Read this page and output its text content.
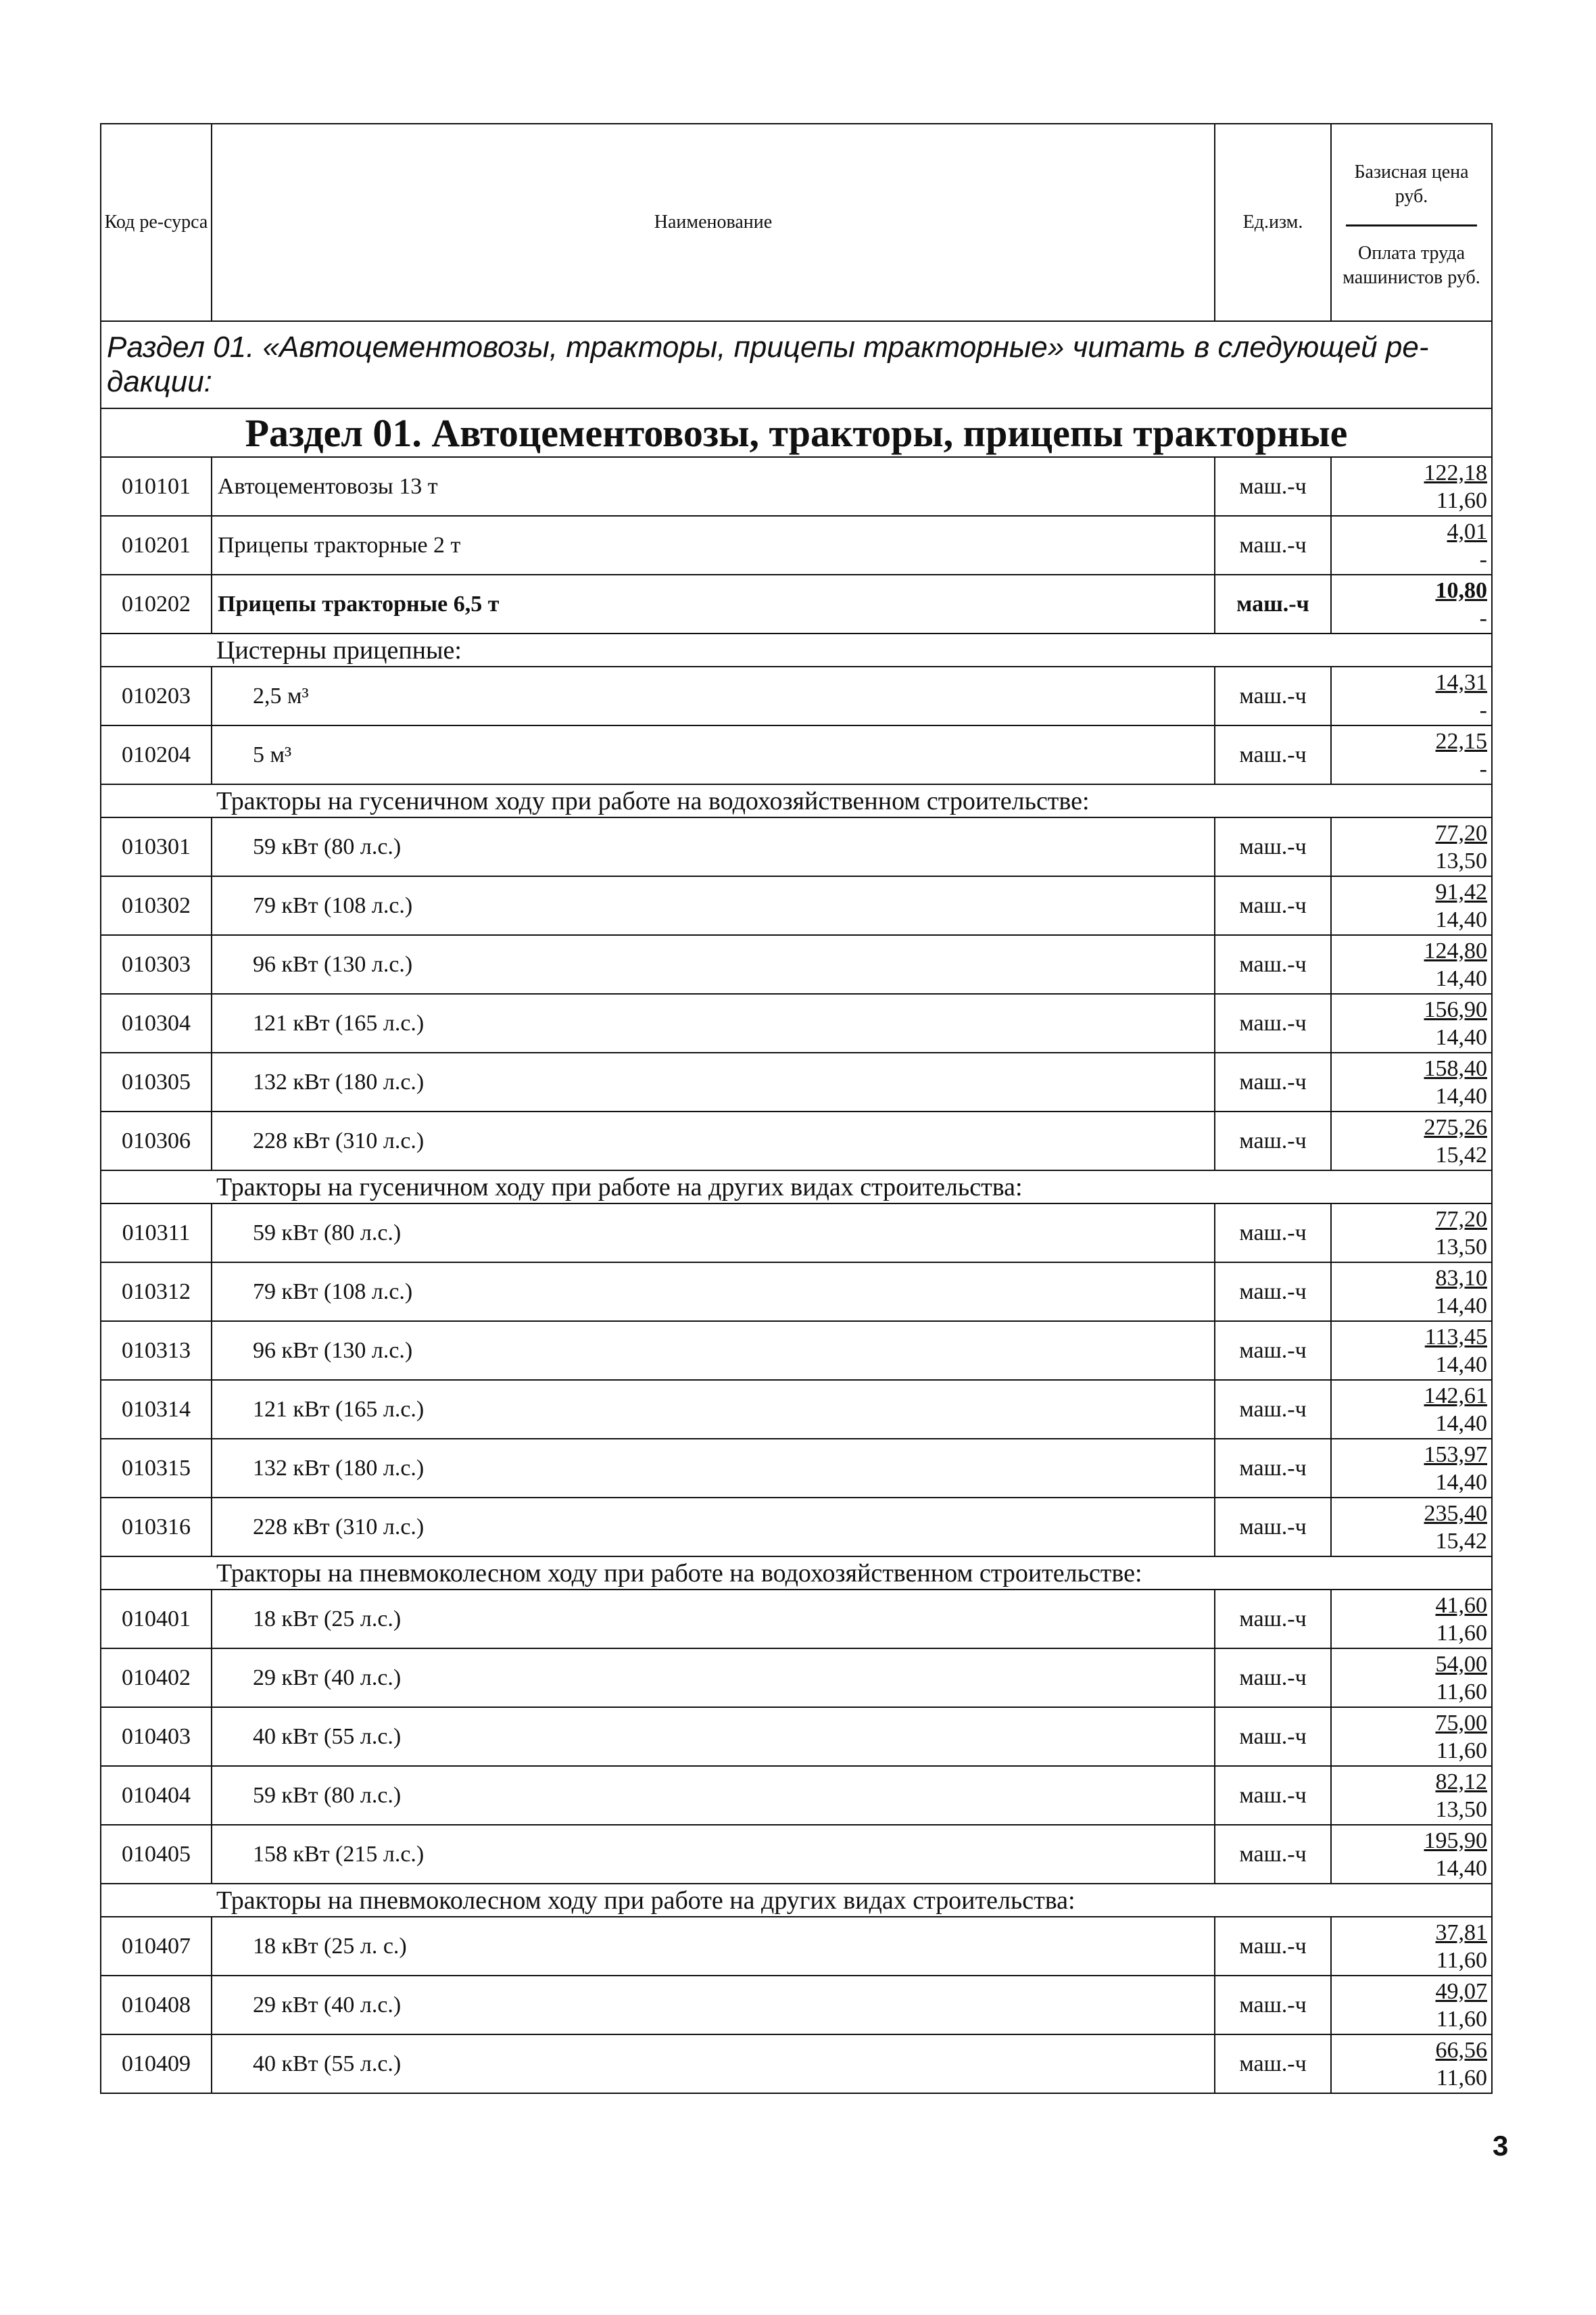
Код ре-сурса	Наименование	Ед.изм.	Базисная цена руб.
Оплата труда машинистов руб.

Раздел 01. «Автоцементовозы, тракторы, прицепы тракторные» читать в следующей ре-дакции:			
Раздел 01. Автоцементовозы, тракторы, прицепы тракторные			
010101	Автоцементовозы 13 т	маш.-ч	122,18
11,60

010201	Прицепы тракторные 2 т	маш.-ч	4,01
-

010202	Прицепы тракторные 6,5 т	маш.-ч	10,80
-

Цистерны прицепные:			
010203	2,5 м³	маш.-ч	14,31
-

010204	5 м³	маш.-ч	22,15
-

Тракторы на гусеничном ходу при работе на водохозяйственном строительстве:			
010301	59 кВт (80 л.с.)	маш.-ч	77,20
13,50

010302	79 кВт (108 л.с.)	маш.-ч	91,42
14,40

010303	96 кВт (130 л.с.)	маш.-ч	124,80
14,40

010304	121 кВт (165 л.с.)	маш.-ч	156,90
14,40

010305	132 кВт (180 л.с.)	маш.-ч	158,40
14,40

010306	228 кВт (310 л.с.)	маш.-ч	275,26
15,42

Тракторы на гусеничном ходу при работе на других видах строительства:			
010311	59 кВт (80 л.с.)	маш.-ч	77,20
13,50

010312	79 кВт (108 л.с.)	маш.-ч	83,10
14,40

010313	96 кВт (130 л.с.)	маш.-ч	113,45
14,40

010314	121 кВт (165 л.с.)	маш.-ч	142,61
14,40

010315	132 кВт (180 л.с.)	маш.-ч	153,97
14,40

010316	228 кВт (310 л.с.)	маш.-ч	235,40
15,42

Тракторы на пневмоколесном ходу при работе на водохозяйственном строительстве:			
010401	18 кВт (25 л.с.)	маш.-ч	41,60
11,60

010402	29 кВт (40 л.с.)	маш.-ч	54,00
11,60

010403	40 кВт (55 л.с.)	маш.-ч	75,00
11,60

010404	59 кВт (80 л.с.)	маш.-ч	82,12
13,50

010405	158 кВт (215 л.с.)	маш.-ч	195,90
14,40

Тракторы на пневмоколесном ходу при работе на других видах строительства:			
010407	18 кВт (25 л. с.)	маш.-ч	37,81
11,60

010408	29 кВт (40 л.с.)	маш.-ч	49,07
11,60

010409	40 кВт (55 л.с.)	маш.-ч	66,56
11,60
3
